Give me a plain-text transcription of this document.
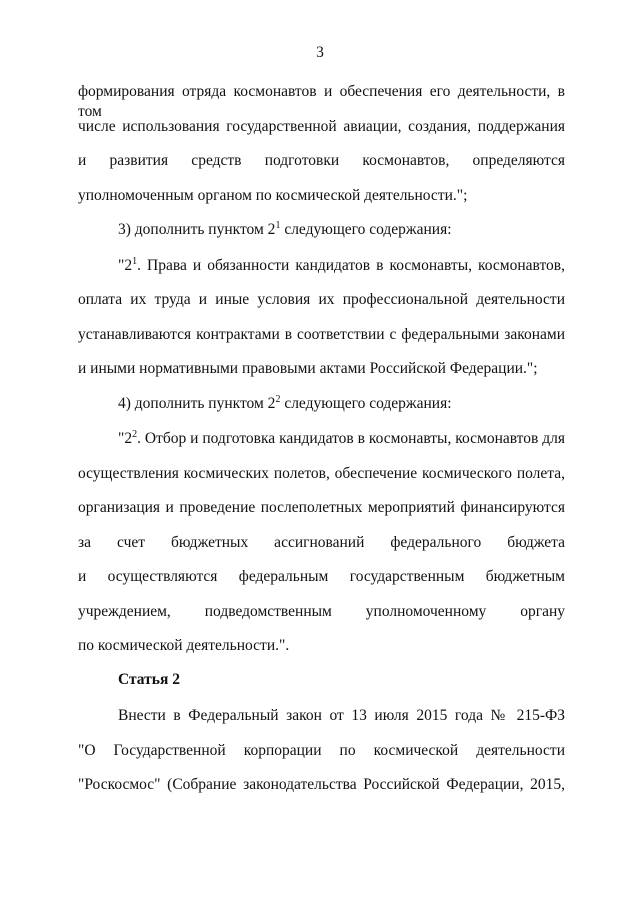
3
формирования отряда космонавтов и обеспечения его деятельности, в том
числе использования государственной авиации, создания, поддержания
и развития средств подготовки космонавтов, определяются
уполномоченным органом по космической деятельности.";
3) дополнить пунктом $2^1$ следующего содержания:
"$2^1$. Права и обязанности кандидатов в космонавты, космонавтов,
оплата их труда и иные условия их профессиональной деятельности
устанавливаются контрактами в соответствии с федеральными законами
и иными нормативными правовыми актами Российской Федерации.";
4) дополнить пунктом $2^2$ следующего содержания:
"$2^2$. Отбор и подготовка кандидатов в космонавты, космонавтов для
осуществления космических полетов, обеспечение космического полета,
организация и проведение послеполетных мероприятий финансируются
за счет бюджетных ассигнований федерального бюджета
и осуществляются федеральным государственным бюджетным
учреждением, подведомственным уполномоченному органу
по космической деятельности.".
Статья 2
Внести в Федеральный закон от 13 июля 2015 года № 215-ФЗ
"О Государственной корпорации по космической деятельности
"Роскосмос" (Собрание законодательства Российской Федерации, 2015,
